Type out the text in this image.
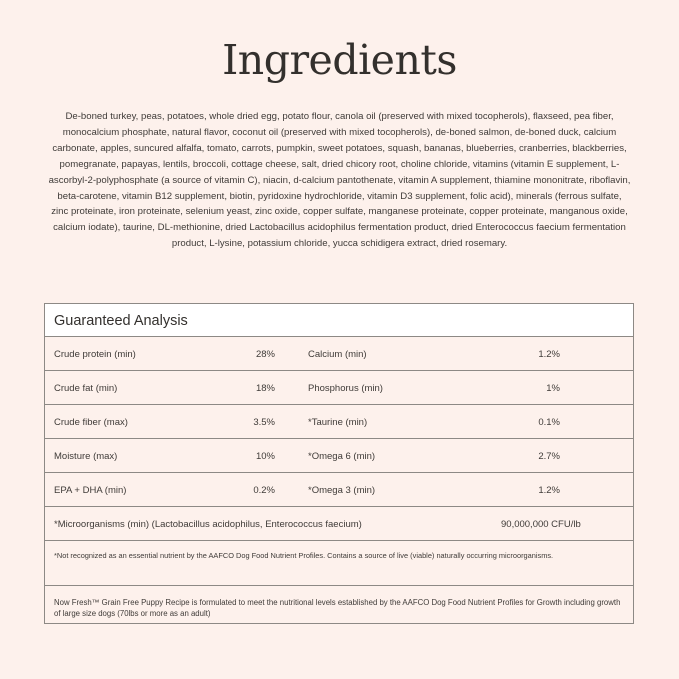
Ingredients
De-boned turkey, peas, potatoes, whole dried egg, potato flour, canola oil (preserved with mixed tocopherols), flaxseed, pea fiber, monocalcium phosphate, natural flavor, coconut oil (preserved with mixed tocopherols), de-boned salmon, de-boned duck, calcium carbonate, apples, suncured alfalfa, tomato, carrots, pumpkin, sweet potatoes, squash, bananas, blueberries, cranberries, blackberries, pomegranate, papayas, lentils, broccoli, cottage cheese, salt, dried chicory root, choline chloride, vitamins (vitamin E supplement, L-ascorbyl-2-polyphosphate (a source of vitamin C), niacin, d-calcium pantothenate, vitamin A supplement, thiamine mononitrate, riboflavin, beta-carotene, vitamin B12 supplement, biotin, pyridoxine hydrochloride, vitamin D3 supplement, folic acid), minerals (ferrous sulfate, zinc proteinate, iron proteinate, selenium yeast, zinc oxide, copper sulfate, manganese proteinate, copper proteinate, manganous oxide, calcium iodate), taurine, DL-methionine, dried Lactobacillus acidophilus fermentation product, dried Enterococcus faecium fermentation product, L-lysine, potassium chloride, yucca schidigera extract, dried rosemary.
Guaranteed Analysis
Crude protein (min)	28%	Calcium (min)	1.2%
Crude fat (min)	18%	Phosphorus (min)	1%
Crude fiber (max)	3.5%	*Taurine (min)	0.1%
Moisture (max)	10%	*Omega 6 (min)	2.7%
EPA + DHA (min)	0.2%	*Omega 3 (min)	1.2%
*Microorganisms (min) (Lactobacillus acidophilus, Enterococcus faecium)	90,000,000 CFU/lb
*Not recognized as an essential nutrient by the AAFCO Dog Food Nutrient Profiles. Contains a source of live (viable) naturally occurring microorganisms.
Now Fresh™ Grain Free Puppy Recipe is formulated to meet the nutritional levels established by the AAFCO Dog Food Nutrient Profiles for Growth including growth of large size dogs (70lbs or more as an adult)
